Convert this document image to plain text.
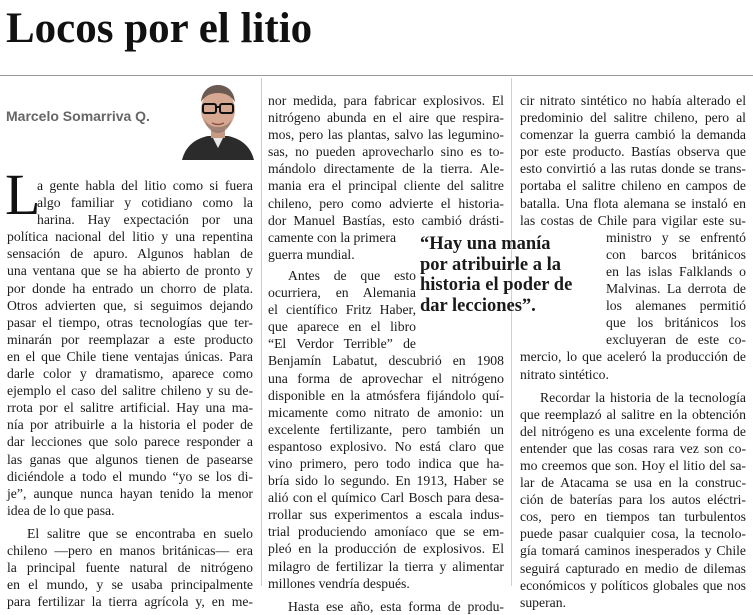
Locos por el litio
Marcelo Somarriva Q.
L
a gente habla del litio como si fuera
algo familiar y cotidiano como la
harina. Hay expectación por una
política nacional del litio y una repentina
sensación de apuro. Algunos hablan de
una ventana que se ha abierto de pronto y
por donde ha entrado un chorro de plata.
Otros advierten que, si seguimos dejando
pasar el tiempo, otras tecnologías que ter-
minarán por reemplazar a este producto
en el que Chile tiene ventajas únicas. Para
darle color y dramatismo, aparece como
ejemplo el caso del salitre chileno y su de-
rrota por el salitre artificial. Hay una ma-
nía por atribuirle a la historia el poder de
dar lecciones que solo parece responder a
las ganas que algunos tienen de pasearse
diciéndole a todo el mundo “yo se los di-
je”, aunque nunca hayan tenido la menor
idea de lo que pasa.
El salitre que se encontraba en suelo
chileno —pero en manos británicas— era
la principal fuente natural de nitrógeno
en el mundo, y se usaba principalmente
para fertilizar la tierra agrícola y, en me-
nor medida, para fabricar explosivos. El
nitrógeno abunda en el aire que respira-
mos, pero las plantas, salvo las legumino-
sas, no pueden aprovecharlo sino es to-
mándolo directamente de la tierra. Ale-
mania era el principal cliente del salitre
chileno, pero como advierte el historia-
dor Manuel Bastías, esto cambió drásti-
camente con la primera
guerra mundial.
Antes de que esto
ocurriera, en Alemania
el científico Fritz Haber,
que aparece en el libro
“El Verdor Terrible” de
Benjamín Labatut, descubrió en 1908
una forma de aprovechar el nitrógeno
disponible en la atmósfera fijándolo quí-
micamente como nitrato de amonio: un
excelente fertilizante, pero también un
espantoso explosivo. No está claro que
vino primero, pero todo indica que ha-
bría sido lo segundo. En 1913, Haber se
alió con el químico Carl Bosch para desa-
rrollar sus experimentos a escala indus-
trial produciendo amoníaco que se em-
pleó en la producción de explosivos. El
milagro de fertilizar la tierra y alimentar
millones vendría después.
Hasta ese año, esta forma de produ-
“Hay una manía
por atribuirle a la
historia el poder de
dar lecciones”.
cir nitrato sintético no había alterado el
predominio del salitre chileno, pero al
comenzar la guerra cambió la demanda
por este producto. Bastías observa que
esto convirtió a las rutas donde se trans-
portaba el salitre chileno en campos de
batalla. Una flota alemana se instaló en
las costas de Chile para vigilar este su-
ministro y se enfrentó
con barcos británicos
en las islas Falklands o
Malvinas. La derrota de
los alemanes permitió
que los británicos los
excluyeran de este co-
mercio, lo que aceleró la producción de
nitrato sintético.
Recordar la historia de la tecnología
que reemplazó al salitre en la obtención
del nitrógeno es una excelente forma de
entender que las cosas rara vez son co-
mo creemos que son. Hoy el litio del sa-
lar de Atacama se usa en la construc-
ción de baterías para los autos eléctri-
cos, pero en tiempos tan turbulentos
puede pasar cualquier cosa, la tecnolo-
gía tomará caminos inesperados y Chile
seguirá capturado en medio de dilemas
económicos y políticos globales que nos
superan.
